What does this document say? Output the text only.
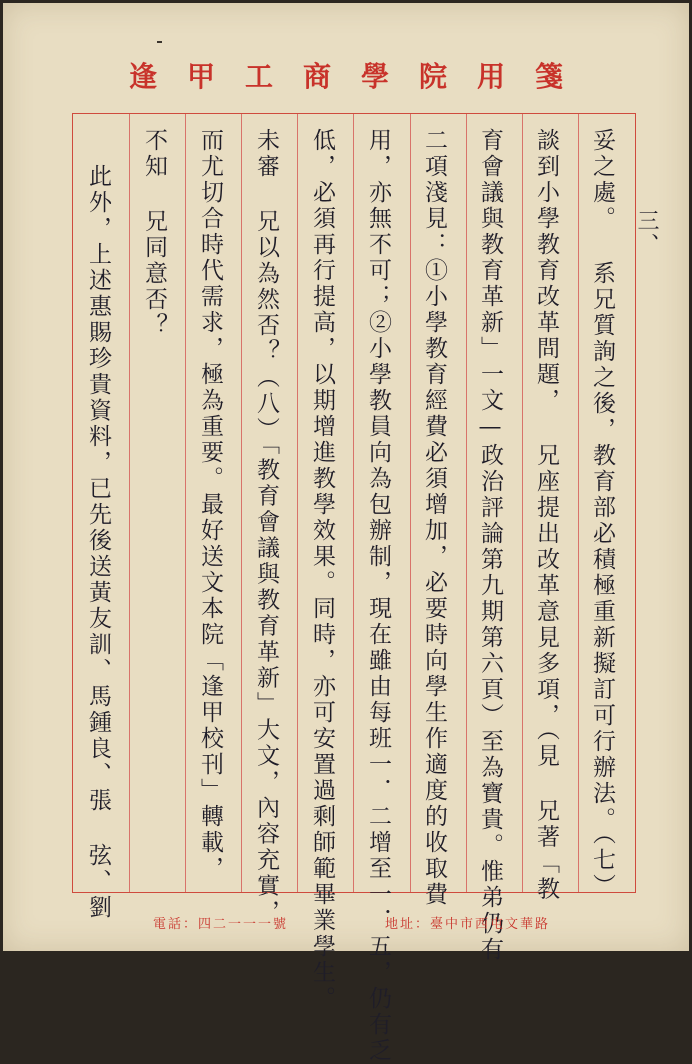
逢甲工商學院用箋
妥之處。 系兄質詢之後，教育部必積極重新擬訂可行辦法。（七）
談到小學教育改革問題， 兄座提出改革意見多項，（見 兄著「教
育會議與教育革新」一文—政治評論第九期第六頁）至為寶貴。惟弟仍有
二項淺見：①小學教育經費必須增加，必要時向學生作適度的收取費
用，亦無不可；②小學教員向為包辦制，現在雖由每班一．二增至一．五，仍有乏
低，必須再行提高，以期增進教學效果。同時，亦可安置過剩師範畢業學生。
未審 兄以為然否？（八）「教育會議與教育革新」大文，內容充實，
而尤切合時代需求，極為重要。最好送文本院「逢甲校刊」轉載，
不知 兄同意否？
此外，上述惠賜珍貴資料，已先後送黃友訓、馬鍾良、張 弦、劉	三、
電話：四二一一一號	地址：臺中市西屯文華路
